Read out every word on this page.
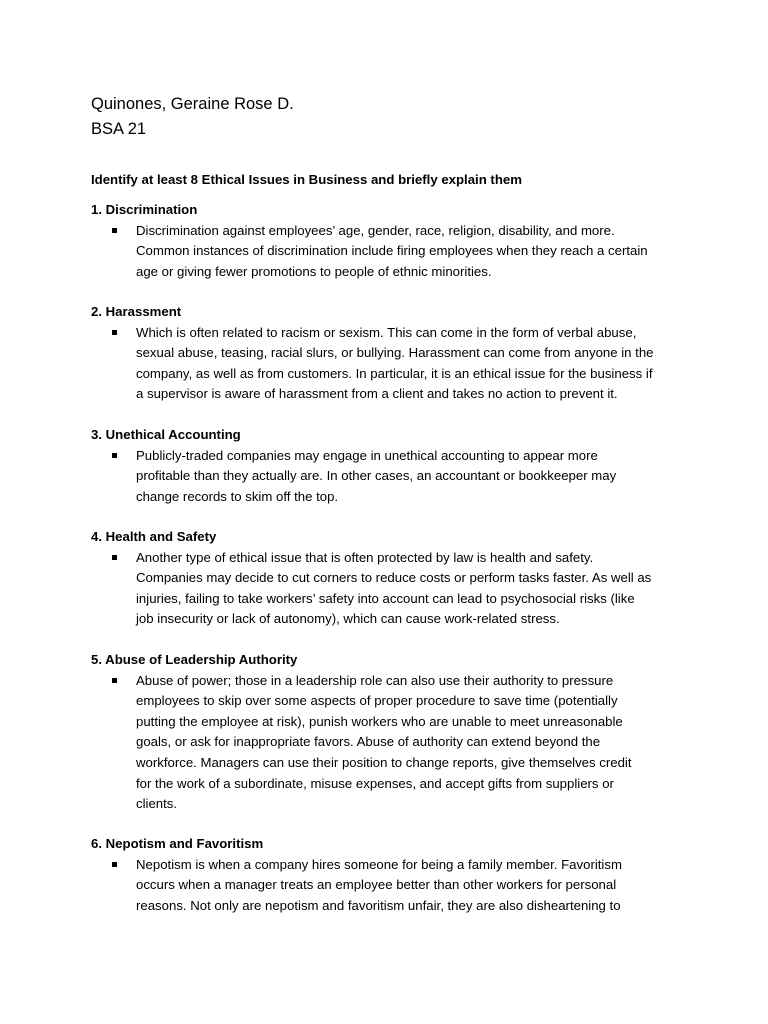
Quinones, Geraine Rose D.
BSA 21
Identify at least 8 Ethical Issues in Business and briefly explain them
1. Discrimination
Discrimination against employees’ age, gender, race, religion, disability, and more.
Common instances of discrimination include firing employees when they reach a certain
age or giving fewer promotions to people of ethnic minorities.
2. Harassment
Which is often related to racism or sexism. This can come in the form of verbal abuse,
sexual abuse, teasing, racial slurs, or bullying. Harassment can come from anyone in the
company, as well as from customers. In particular, it is an ethical issue for the business if
a supervisor is aware of harassment from a client and takes no action to prevent it.
3. Unethical Accounting
Publicly-traded companies may engage in unethical accounting to appear more
profitable than they actually are. In other cases, an accountant or bookkeeper may
change records to skim off the top.
4. Health and Safety
Another type of ethical issue that is often protected by law is health and safety.
Companies may decide to cut corners to reduce costs or perform tasks faster. As well as
injuries, failing to take workers’ safety into account can lead to psychosocial risks (like
job insecurity or lack of autonomy), which can cause work-related stress.
5. Abuse of Leadership Authority
Abuse of power; those in a leadership role can also use their authority to pressure
employees to skip over some aspects of proper procedure to save time (potentially
putting the employee at risk), punish workers who are unable to meet unreasonable
goals, or ask for inappropriate favors. Abuse of authority can extend beyond the
workforce. Managers can use their position to change reports, give themselves credit
for the work of a subordinate, misuse expenses, and accept gifts from suppliers or
clients.
6. Nepotism and Favoritism
Nepotism is when a company hires someone for being a family member. Favoritism
occurs when a manager treats an employee better than other workers for personal
reasons. Not only are nepotism and favoritism unfair, they are also disheartening to
